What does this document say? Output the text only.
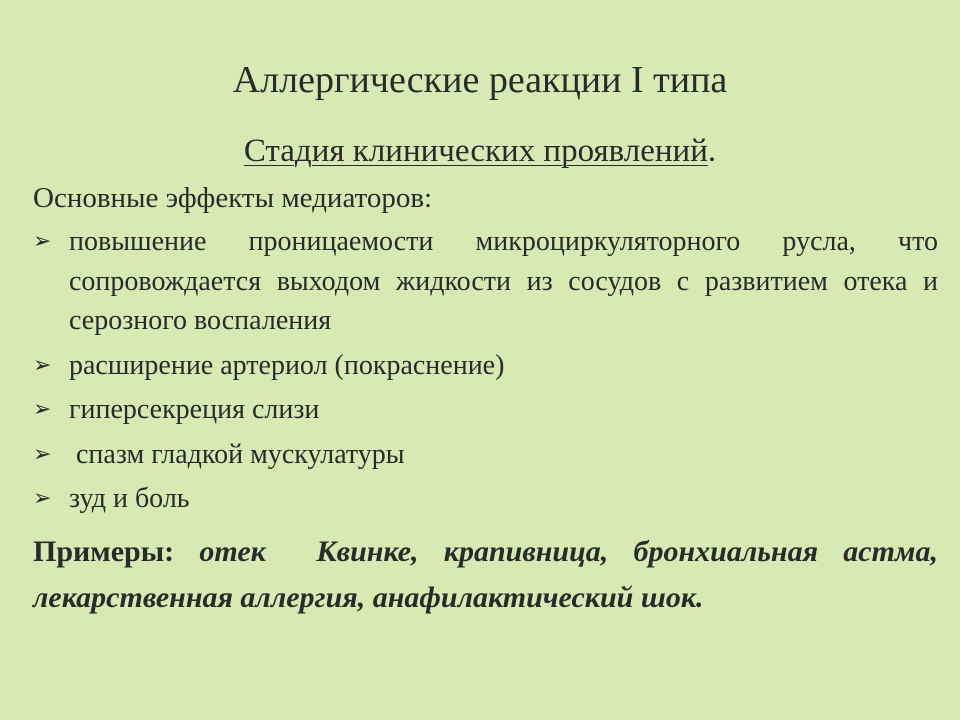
Аллергические реакции I типа
Стадия клинических проявлений.
Основные эффекты медиаторов:
➢ повышение проницаемости микроциркуляторного русла, что сопровождается выходом жидкости из сосудов с развитием отека и серозного воспаления
➢ расширение артериол (покраснение)
➢ гиперсекреция слизи
➢ спазм гладкой мускулатуры
➢ зуд и боль
Примеры: отек  Квинке, крапивница, бронхиальная астма, лекарственная аллергия, анафилактический шок.
